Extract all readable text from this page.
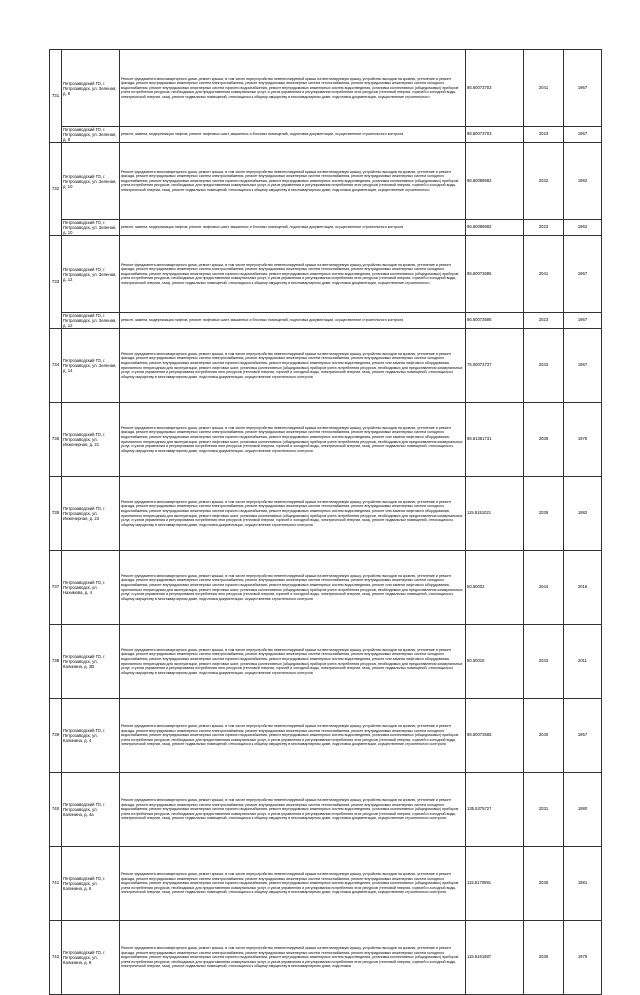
731	Петрозаводский ГО, г. Петрозаводск, ул. Зеленая, д. 8	Ремонт фундамента многоквартирного дома, ремонт крыши, в том числе переустройство невентилируемой крыши на вентилируемую крышу, устройство выходов на кровлю, утепление и ремонт фасада, ремонт внутридомовых инженерных систем электроснабжения, ремонт внутридомовых инженерных систем теплоснабжения, ремонт внутридомовых инженерных систем холодного водоснабжения, ремонт внутридомовых инженерных систем горячего водоснабжения, ремонт внутридомовых инженерных систем водоотведения, установка коллективных (общедомовых) приборов учета потребления ресурсов, необходимых для предоставления коммунальных услуг, и узлов управления и регулирования потребления этих ресурсов (тепловой энергии, горячей и холодной воды, электрической энергии, газа), ремонт подвальных помещений, относящихся к общему имуществу в многоквартирном доме, подготовка документации, осуществление строительного	86.60073703	2041	1967
	Петрозаводский ГО, г. Петрозаводск, ул. Зеленая, д. 8	ремонт, замена, модернизация лифтов, ремонт лифтовых шахт, машинных и блочных помещений, подготовка документации, осуществление строительного контроля	86.60073703	2023	1967
732	Петрозаводский ГО, г. Петрозаводск, ул. Зеленая, д. 10	Ремонт фундамента многоквартирного дома, ремонт крыши, в том числе переустройство невентилируемой крыши на вентилируемую крышу, устройство выходов на кровлю, утепление и ремонт фасада, ремонт внутридомовых инженерных систем электроснабжения, ремонт внутридомовых инженерных систем теплоснабжения, ремонт внутридомовых инженерных систем холодного водоснабжения, ремонт внутридомовых инженерных систем горячего водоснабжения, ремонт внутридомовых инженерных систем водоотведения, установка коллективных (общедомовых) приборов учета потребления ресурсов, необходимых для предоставления коммунальных услуг, и узлов управления и регулирования потребления этих ресурсов (тепловой энергии, горячей и холодной воды, электрической энергии, газа), ремонт подвальных помещений, относящихся к общему имуществу в многоквартирном доме, подготовка документации, осуществление строительного	86.60088682	2042	1962
	Петрозаводский ГО, г. Петрозаводск, ул. Зеленая, д. 10	ремонт, замена, модернизация лифтов, ремонт лифтовых шахт, машинных и блочных помещений, подготовка документации, осуществление строительного контроля	86.60088682	2023	1962
733	Петрозаводский ГО, г. Петрозаводск, ул. Зеленая, д. 12	Ремонт фундамента многоквартирного дома, ремонт крыши, в том числе переустройство невентилируемой крыши на вентилируемую крышу, устройство выходов на кровлю, утепление и ремонт фасада, ремонт внутридомовых инженерных систем электроснабжения, ремонт внутридомовых инженерных систем теплоснабжения, ремонт внутридомовых инженерных систем холодного водоснабжения, ремонт внутридомовых инженерных систем горячего водоснабжения, ремонт внутридомовых инженерных систем водоотведения, установка коллективных (общедомовых) приборов учета потребления ресурсов, необходимых для предоставления коммунальных услуг, и узлов управления и регулирования потребления этих ресурсов (тепловой энергии, горячей и холодной воды, электрической энергии, газа), ремонт подвальных помещений, относящихся к общему имуществу в многоквартирном доме, подготовка документации, осуществление строительного	86.60073695	2041	1967
	Петрозаводский ГО, г. Петрозаводск, ул. Зеленая, д. 12	ремонт, замена, модернизация лифтов, ремонт лифтовых шахт, машинных и блочных помещений, подготовка документации, осуществление строительного контроля	86.60073695	2023	1967
734	Петрозаводский ГО, г. Петрозаводск, ул. Зеленая, д. 14	Ремонт фундамента многоквартирного дома, ремонт крыши, в том числе переустройство невентилируемой крыши на вентилируемую крышу, устройство выходов на кровлю, утепление и ремонт фасада, ремонт внутридомовых инженерных систем электроснабжения, ремонт внутридомовых инженерных систем теплоснабжения, ремонт внутридомовых инженерных систем холодного водоснабжения, ремонт внутридомовых инженерных систем горячего водоснабжения, ремонт внутридомовых инженерных систем водоотведения, ремонт или замена лифтового оборудования, признанного непригодным для эксплуатации, ремонт лифтовых шахт, установка коллективных (общедомовых) приборов учета потребления ресурсов, необходимых для предоставления коммунальных услуг, и узлов управления и регулирования потребления этих ресурсов (тепловой энергии, горячей и холодной воды, электрической энергии, газа), ремонт подвальных помещений, относящихся к общему имуществу в многоквартирном доме, подготовка документации, осуществление строительного контроля	75.00073737	2043	1967
736	Петрозаводский ГО, г. Петрозаводск, ул. Инженерная, д. 21	Ремонт фундамента многоквартирного дома, ремонт крыши, в том числе переустройство невентилируемой крыши на вентилируемую крышу, устройство выходов на кровлю, утепление и ремонт фасада, ремонт внутридомовых инженерных систем электроснабжения, ремонт внутридомовых инженерных систем теплоснабжения, ремонт внутридомовых инженерных систем холодного водоснабжения, ремонт внутридомовых инженерных систем горячего водоснабжения, ремонт внутридомовых инженерных систем водоотведения, ремонт или замена лифтового оборудования, признанного непригодным для эксплуатации, ремонт лифтовых шахт, установка коллективных (общедомовых) приборов учета потребления ресурсов, необходимых для предоставления коммунальных услуг, и узлов управления и регулирования потребления этих ресурсов (тепловой энергии, горячей и холодной воды, электрической энергии, газа), ремонт подвальных помещений, относящихся к общему имуществу в многоквартирном доме, подготовка документации, осуществление строительного контроля	86.61361731	2039	1979
735	Петрозаводский ГО, г. Петрозаводск, ул. Инженерная, д. 23	Ремонт фундамента многоквартирного дома, ремонт крыши, в том числе переустройство невентилируемой крыши на вентилируемую крышу, устройство выходов на кровлю, утепление и ремонт фасада, ремонт внутридомовых инженерных систем электроснабжения, ремонт внутридомовых инженерных систем теплоснабжения, ремонт внутридомовых инженерных систем холодного водоснабжения, ремонт внутридомовых инженерных систем горячего водоснабжения, ремонт внутридомовых инженерных систем водоотведения, ремонт или замена лифтового оборудования, признанного непригодным для эксплуатации, ремонт лифтовых шахт, установка коллективных (общедомовых) приборов учета потребления ресурсов, необходимых для предоставления коммунальных услуг, и узлов управления и регулирования потребления этих ресурсов (тепловой энергии, горячей и холодной воды, электрической энергии, газа), ремонт подвальных помещений, относящихся к общему имуществу в многоквартирном доме, подготовка документации, осуществление строительного контроля	115.5151021	2039	1982
737	Петрозаводский ГО, г. Петрозаводск, ул. Нахимова, д. 4	Ремонт фундамента многоквартирного дома, ремонт крыши, в том числе переустройство невентилируемой крыши на вентилируемую крышу, устройство выходов на кровлю, утепление и ремонт фасада, ремонт внутридомовых инженерных систем электроснабжения, ремонт внутридомовых инженерных систем теплоснабжения, ремонт внутридомовых инженерных систем холодного водоснабжения, ремонт внутридомовых инженерных систем горячего водоснабжения, ремонт внутридомовых инженерных систем водоотведения, ремонт или замена лифтового оборудования, признанного непригодным для эксплуатации, ремонт лифтовых шахт, установка коллективных (общедомовых) приборов учета потребления ресурсов, необходимых для предоставления коммунальных услуг, и узлов управления и регулирования потребления этих ресурсов (тепловой энергии, горячей и холодной воды, электрической энергии, газа), ремонт подвальных помещений, относящихся к общему имуществу в многоквартирном доме, подготовка документации, осуществление строительного контроля	50.50002	2044	2016
738	Петрозаводский ГО, г. Петрозаводск, ул. Калинина, д. 2В	Ремонт фундамента многоквартирного дома, ремонт крыши, в том числе переустройство невентилируемой крыши на вентилируемую крышу, устройство выходов на кровлю, утепление и ремонт фасада, ремонт внутридомовых инженерных систем электроснабжения, ремонт внутридомовых инженерных систем теплоснабжения, ремонт внутридомовых инженерных систем холодного водоснабжения, ремонт внутридомовых инженерных систем горячего водоснабжения, ремонт внутридомовых инженерных систем водоотведения, ремонт или замена лифтового оборудования, признанного непригодным для эксплуатации, ремонт лифтовых шахт, установка коллективных (общедомовых) приборов учета потребления ресурсов, необходимых для предоставления коммунальных услуг, и узлов управления и регулирования потребления этих ресурсов (тепловой энергии, горячей и холодной воды, электрической энергии, газа), ремонт подвальных помещений, относящихся к общему имуществу в многоквартирном доме, подготовка документации, осуществление строительного контроля	50.50015	2043	2011
739	Петрозаводский ГО, г. Петрозаводск, ул. Калинина, д. 4	Ремонт фундамента многоквартирного дома, ремонт крыши, в том числе переустройство невентилируемой крыши на вентилируемую крышу, устройство выходов на кровлю, утепление и ремонт фасада, ремонт внутридомовых инженерных систем электроснабжения, ремонт внутридомовых инженерных систем теплоснабжения, ремонт внутридомовых инженерных систем холодного водоснабжения, ремонт внутридомовых инженерных систем горячего водоснабжения, ремонт внутридомовых инженерных систем водоотведения, установка коллективных (общедомовых) приборов учета потребления ресурсов, необходимых для предоставления коммунальных услуг, и узлов управления и регулирования потребления этих ресурсов (тепловой энергии, горячей и холодной воды, электрической энергии, газа), ремонт подвальных помещений, относящихся к общему имуществу в многоквартирном доме, подготовка документации, осуществление строительного контроля	86.60073565	2040	1957
740	Петрозаводский ГО, г. Петрозаводск, ул. Калинина, д. 4а	Ремонт фундамента многоквартирного дома, ремонт крыши, в том числе переустройство невентилируемой крыши на вентилируемую крышу, устройство выходов на кровлю, утепление и ремонт фасада, ремонт внутридомовых инженерных систем электроснабжения, ремонт внутридомовых инженерных систем теплоснабжения, ремонт внутридомовых инженерных систем холодного водоснабжения, ремонт внутридомовых инженерных систем горячего водоснабжения, ремонт внутридомовых инженерных систем водоотведения, установка коллективных (общедомовых) приборов учета потребления ресурсов, необходимых для предоставления коммунальных услуг, и узлов управления и регулирования потребления этих ресурсов (тепловой энергии, горячей и холодной воды, электрической энергии, газа), ремонт подвальных помещений, относящихся к общему имуществу в многоквартирном доме, подготовка документации, осуществление строительного контроля	135.5375727	2031	1980
741	Петрозаводский ГО, г. Петрозаводск, ул. Калинина, д. 6	Ремонт фундамента многоквартирного дома, ремонт крыши, в том числе переустройство невентилируемой крыши на вентилируемую крышу, устройство выходов на кровлю, утепление и ремонт фасада, ремонт внутридомовых инженерных систем электроснабжения, ремонт внутридомовых инженерных систем теплоснабжения, ремонт внутридомовых инженерных систем холодного водоснабжения, ремонт внутридомовых инженерных систем горячего водоснабжения, ремонт внутридомовых инженерных систем водоотведения, установка коллективных (общедомовых) приборов учета потребления ресурсов, необходимых для предоставления коммунальных услуг, и узлов управления и регулирования потребления этих ресурсов (тепловой энергии, горячей и холодной воды, электрической энергии, газа), ремонт подвальных помещений, относящихся к общему имуществу в многоквартирном доме, подготовка документации, осуществление строительного контроля	115.5170891	2035	1981
742	Петрозаводский ГО, г. Петрозаводск, ул. Калинина, д. 8	Ремонт фундамента многоквартирного дома, ремонт крыши, в том числе переустройство невентилируемой крыши на вентилируемую крышу, устройство выходов на кровлю, утепление и ремонт фасада, ремонт внутридомовых инженерных систем электроснабжения, ремонт внутридомовых инженерных систем теплоснабжения, ремонт внутридомовых инженерных систем холодного водоснабжения, ремонт внутридомовых инженерных систем горячего водоснабжения, ремонт внутридомовых инженерных систем водоотведения, установка коллективных (общедомовых) приборов учета потребления ресурсов, необходимых для предоставления коммунальных услуг, и узлов управления и регулирования потребления этих ресурсов (тепловой энергии, горячей и холодной воды, электрической энергии, газа), ремонт подвальных помещений, относящихся к общему имуществу в многоквартирном доме, подготовка	115.5161687	2036	1979
